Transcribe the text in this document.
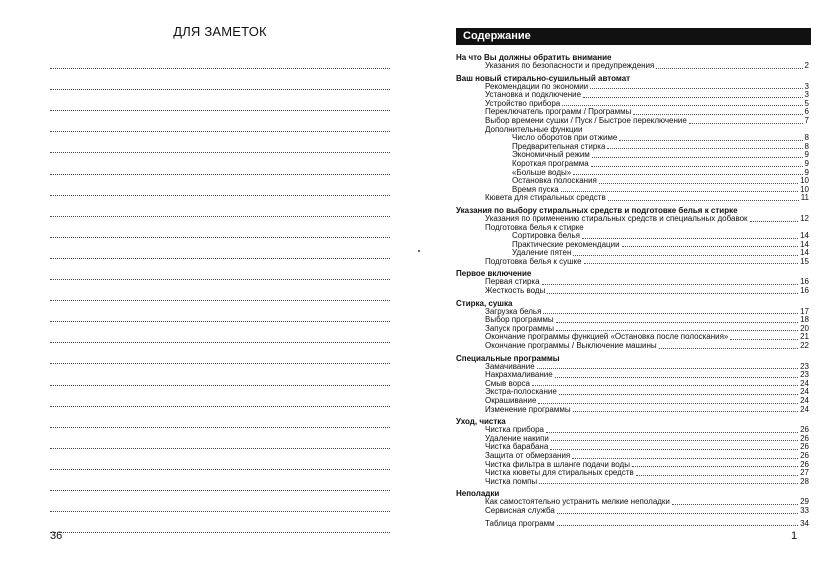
ДЛЯ ЗАМЕТОК
36
Содержание
На что Вы должны обратить внимание
Указания по безопасности и предупреждения	2
Ваш новый стирально-сушильный автомат
Рекомендации по экономии	3
Установка и подключение	3
Устройство прибора	5
Переключатель программ / Программы	6
Выбор времени сушки / Пуск / Быстрое переключение	7
Дополнительные функции
Число оборотов при отжиме	8
Предварительная стирка	8
Экономичный режим	9
Короткая программа	9
«Больше воды»	9
Остановка полоскания	10
Время пуска	10
Кювета для стиральных средств	11
Указания по выбору стиральных средств и подготовке белья к стирке
Указания по применению стиральных средств и специальных добавок	12
Подготовка белья к стирке
Сортировка белья	14
Практические рекомендации	14
Удаление пятен	14
Подготовка белья к сушке	15
Первое включение
Первая стирка	16
Жесткость воды	16
Стирка, сушка
Загрузка белья	17
Выбор программы	18
Запуск программы	20
Окончание программы функцией «Остановка после полоскания»	21
Окончание программы / Выключение машины	22
Специальные программы
Замачивание	23
Накрахмаливание	23
Смыв ворса	24
Экстра-полоскание	24
Окрашивание	24
Изменение программы	24
Уход, чистка
Чистка прибора	26
Удаление накипи	26
Чистка барабана	26
Защита от обмерзания	26
Чистка фильтра в шланге подачи воды	26
Чистка кюветы для стиральных средств	27
Чистка помпы	28
Неполадки
Как самостоятельно устранить мелкие неполадки	29
Сервисная служба	33
Таблица программ	34
1
